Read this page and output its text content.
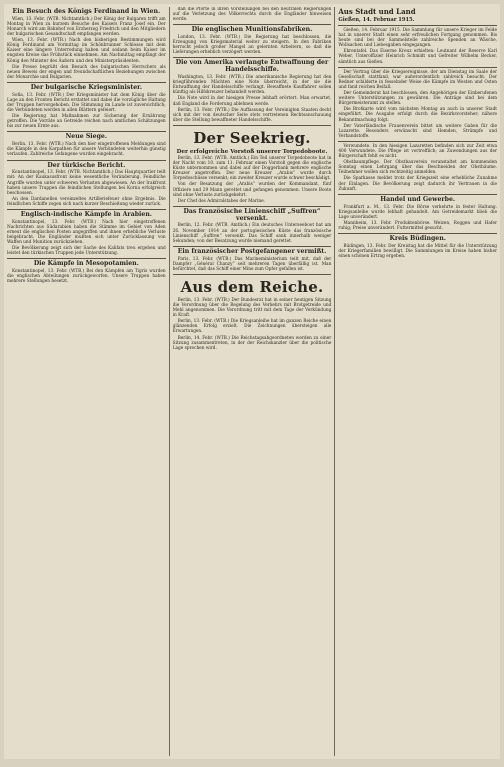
Ein Besuch des Königs Ferdinand in Wien.

Wien, 13. Febr. (WTB. Nichtamtlich.) Der König der Bulgaren trifft am Montag in Wien zu kurzem Besuche des Kaisers Franz Josef ein. Der Monarch wird am Bahnhof von Erzherzog Friedrich und den Mitgliedern der bulgarischen Gesandtschaft empfangen werden.

Wien, 13. Febr. (WTB.) Nach den bisherigen Bestimmungen wird König Ferdinand am Vormittag im Schönbrunner Schlosse mit dem Kaiser eine längere Unterredung haben und sodann beim Kaiser im engsten Kreise das Frühstück einnehmen. Am Nachmittag empfängt der König den Minister des Äußern und den Ministerpräsidenten.

Die Presse begrüßt den Besuch des bulgarischen Herrschers als neuen Beweis der engen und freundschaftlichen Beziehungen zwischen der Monarchie und Bulgarien.

Der bulgarische Kriegsminister.

Sofia, 13. Febr. (WTB.) Der Kriegsminister hat dem König über die Lage an den Fronten Bericht erstattet und dabei die vorzügliche Haltung der Truppen hervorgehoben. Die Stimmung im Lande ist zuversichtlich; die Verbündeten werden in allen Blättern gefeiert.

Die Regierung hat Maßnahmen zur Sicherung der Ernährung getroffen. Die Vorräte an Getreide reichen nach amtlichen Schätzungen bis zur neuen Ernte aus.

Neue Siege.

Berlin, 13. Febr. (WTB.) Nach den hier eingetroffenen Meldungen sind die Kämpfe in den Karpathen für unsere Verbündeten weiterhin günstig verlaufen. Zahlreiche Gefangene wurden eingebracht.

Der türkische Bericht.

Konstantinopel, 13. Febr. (WTB. Nichtamtlich.) Das Hauptquartier teilt mit: An der Kaukasusfront keine wesentliche Veränderung. Feindliche Angriffe wurden unter schweren Verlusten abgewiesen. An der Irakfront haben unsere Truppen die feindlichen Stellungen bei Korna erfolgreich beschossen.

An den Dardanellen vereinzeltes Artilleriefeuer ohne Ergebnis. Die feindlichen Schiffe zogen sich nach kurzer Beschießung wieder zurück.

Englisch-indische Kämpfe in Arabien.

Konstantinopel, 13. Febr. (WTB.) Nach hier eingetroffenen Nachrichten aus Südarabien haben die Stämme im Gebiet von Aden erneut die englischen Posten angegriffen und ihnen erhebliche Verluste beigebracht. Die Engländer mußten sich unter Zurücklassung von Waffen und Munition zurückziehen.

Die Bevölkerung zeigt sich der Sache des Kalifats treu ergeben und leistet den türkischen Truppen jede Unterstützung.

Die Kämpfe in Mesopotamien.

Konstantinopel, 13. Febr. (WTB.) Bei den Kämpfen am Tigris wurden die englischen Abteilungen zurückgeworfen. Unsere Truppen haben mehrere Stellungen besetzt.

daß die Pforte in ihren Vorstellungen bei den neutralen Regierungen auf die Verletzung des Völkerrechts durch die Engländer hinweisen werde.

Die englischen Munitionsfabriken.

London, 13. Febr. (WTB.) Die Regierung hat beschlossen, die Erzeugung von Kriegsmaterial weiter zu steigern. In den Fabriken herrscht jedoch großer Mangel an gelernten Arbeitern, so daß die Lieferungen erheblich verzögert werden.

Die von Amerika verlangte Entwaffnung der Handelsschiffe.

Washington, 13. Febr. (WTB.) Die amerikanische Regierung hat den kriegführenden Mächten eine Note überreicht, in der sie die Entwaffnung der Handelsschiffe verlangt. Bewaffnete Kauffahrer sollen künftig als Hilfskreuzer behandelt werden.

Die Note wird in der hiesigen Presse lebhaft erörtert. Man erwartet, daß England die Forderung ablehnen werde.

Berlin, 13. Febr. (WTB.) Die Auffassung der Vereinigten Staaten deckt sich mit der von deutscher Seite stets vertretenen Rechtsanschauung über die Stellung bewaffneter Handelsschiffe.

Der Seekrieg.
Der erfolgreiche Vorstoß unserer Torpedoboote.

Berlin, 13. Febr. (WTB. Amtlich.) Ein Teil unserer Torpedoboote hat in der Nacht vom 10. zum 11. Februar einen Vorstoß gegen die englische Küste unternommen und dabei auf der Doggerbank mehrere englische Kreuzer angetroffen. Der neue Kreuzer „Arabis“ wurde durch Torpedoschüsse versenkt; ein zweiter Kreuzer wurde schwer beschädigt.

Von der Besatzung der „Arabis“ wurden der Kommandant, fünf Offiziere und 29 Mann gerettet und gefangen genommen. Unsere Boote sind ohne Verluste zurückgekehrt.

Der Chef des Admiralstabes der Marine.

Das französische Linienschiff „Suffren“ versenkt.

Berlin, 12. Febr. (WTB. Amtlich.) Ein deutsches Unterseeboot hat am 26. November 1914 an der portugiesischen Küste das französische Linienschiff „Suffren“ versenkt. Das Schiff sank innerhalb weniger Sekunden; von der Besatzung wurde niemand gerettet.

Ein französischer Postgefangener vermißt.

Paris, 13. Febr. (WTB.) Das Marineministerium teilt mit, daß der Dampfer „Général Chanzy“ seit mehreren Tagen überfällig ist. Man befürchtet, daß das Schiff einer Mine zum Opfer gefallen ist.

Aus dem Reiche.

Berlin, 13. Febr. (WTB.) Der Bundesrat hat in seiner heutigen Sitzung die Verordnung über die Regelung des Verkehrs mit Brotgetreide und Mehl angenommen. Die Verordnung tritt mit dem Tage der Verkündung in Kraft.

Berlin, 13. Febr. (WTB.) Die Kriegsanleihe hat im ganzen Reiche einen glänzenden Erfolg erzielt. Die Zeichnungen übersteigen alle Erwartungen.

Berlin, 14. Febr. (WTB.) Die Reichstagsabgeordneten werden zu einer Sitzung zusammentreten, in der der Reichskanzler über die politische Lage sprechen wird.

Aus Stadt und Land
Gießen, 14. Februar 1915.

Gießen, 14. Februar 1915. Die Sammlung für unsere Krieger im Felde hat in unserer Stadt einen sehr erfreulichen Fortgang genommen. Bis heute sind bei der Sammelstelle zahlreiche Spenden an Wäsche, Wollsachen und Liebesgaben eingegangen.

Ehrentafel. Das Eiserne Kreuz erhielten: Leutnant der Reserve Karl Weber, Unteroffizier Heinrich Schmidt und Gefreiter Wilhelm Becker, sämtlich aus Gießen.

Der Vortrag über die Kriegsereignisse, der am Dienstag im Saale der Gesellschaft stattfand, war außerordentlich zahlreich besucht. Der Redner schilderte in fesselnder Weise die Kämpfe im Westen und Osten und fand reichen Beifall.

Der Gemeinderat hat beschlossen, den Angehörigen der Einberufenen weitere Unterstützungen zu gewähren. Die Anträge sind bei dem Bürgermeisteramt zu stellen.

Die Brotkarte wird vom nächsten Montag an auch in unserer Stadt eingeführt. Die Ausgabe erfolgt durch die Bezirksvorsteher; nähere Bekanntmachung folgt.

Der Vaterländische Frauenverein bittet um weitere Gaben für die Lazarette. Besonders erwünscht sind Hemden, Strümpfe und Verbandstoffe.

Verwundete. In den hiesigen Lazaretten befinden sich zur Zeit etwa 400 Verwundete. Die Pflege ist vortrefflich; an Zuwendungen aus der Bürgerschaft fehlt es nicht.

Obstbaumpflege. Der Obstbauverein veranstaltet am kommenden Sonntag einen Lehrgang über das Beschneiden der Obstbäume. Teilnehmer wollen sich rechtzeitig anmelden.

Die Sparkasse meldet trotz der Kriegszeit eine erhebliche Zunahme der Einlagen. Die Bevölkerung zeigt dadurch ihr Vertrauen in die Zukunft.

Handel und Gewerbe.

Frankfurt a. M., 13. Febr. Die Börse verkehrte in fester Haltung. Kriegsanleihe wurde lebhaft gehandelt. Am Getreidemarkt blieb die Lage unverändert.

Mannheim, 13. Febr. Produktenbörse. Weizen, Roggen und Hafer ruhig; Preise unverändert. Futtermittel gesucht.

Kreis Büdingen.

Büdingen, 13. Febr. Der Kreistag hat die Mittel für die Unterstützung der Kriegerfamilien bewilligt. Die Sammlungen im Kreise haben bisher einen schönen Ertrag ergeben.
